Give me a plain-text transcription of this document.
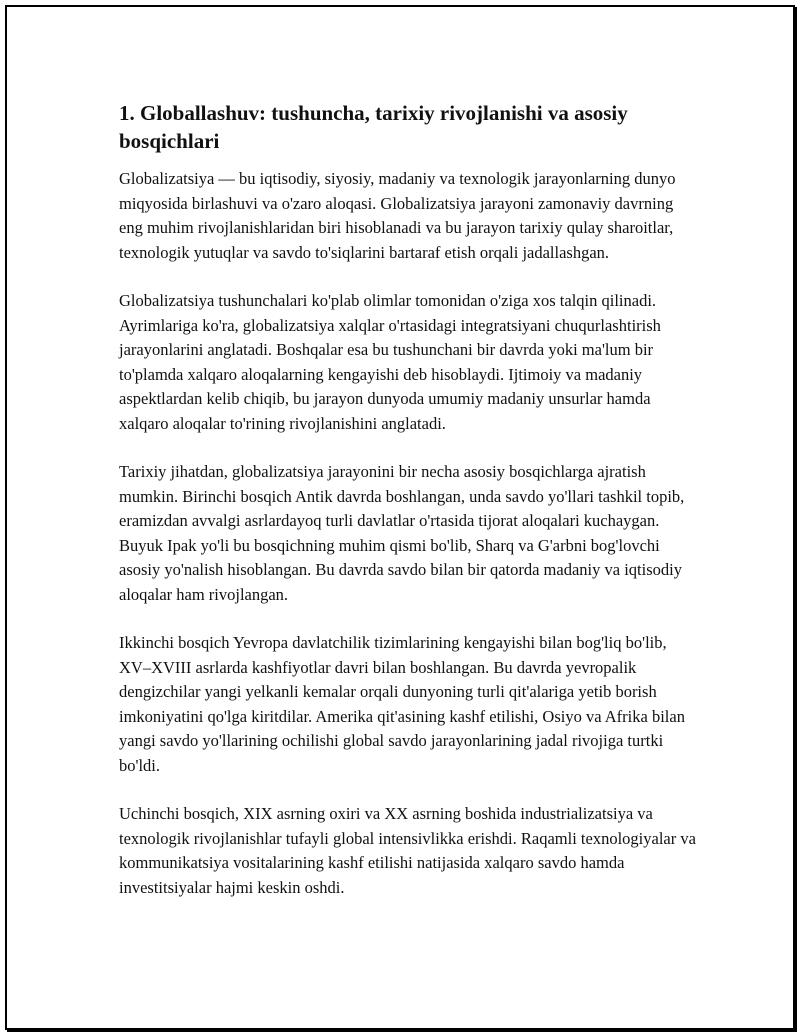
1. Globallashuv: tushuncha, tarixiy rivojlanishi va asosiy bosqichlari

Globalizatsiya — bu iqtisodiy, siyosiy, madaniy va texnologik jarayonlarning dunyo miqyosida birlashuvi va o'zaro aloqasi. Globalizatsiya jarayoni zamonaviy davrning eng muhim rivojlanishlaridan biri hisoblanadi va bu jarayon tarixiy qulay sharoitlar, texnologik yutuqlar va savdo to'siqlarini bartaraf etish orqali jadallashgan.

Globalizatsiya tushunchalari ko'plab olimlar tomonidan o'ziga xos talqin qilinadi. Ayrimlariga ko'ra, globalizatsiya xalqlar o'rtasidagi integratsiyani chuqurlashtirish jarayonlarini anglatadi. Boshqalar esa bu tushunchani bir davrda yoki ma'lum bir to'plamda xalqaro aloqalarning kengayishi deb hisoblaydi. Ijtimoiy va madaniy aspektlardan kelib chiqib, bu jarayon dunyoda umumiy madaniy unsurlar hamda xalqaro aloqalar to'rining rivojlanishini anglatadi.

Tarixiy jihatdan, globalizatsiya jarayonini bir necha asosiy bosqichlarga ajratish mumkin. Birinchi bosqich Antik davrda boshlangan, unda savdo yo'llari tashkil topib, eramizdan avvalgi asrlardayoq turli davlatlar o'rtasida tijorat aloqalari kuchaygan. Buyuk Ipak yo'li bu bosqichning muhim qismi bo'lib, Sharq va G'arbni bog'lovchi asosiy yo'nalish hisoblangan. Bu davrda savdo bilan bir qatorda madaniy va iqtisodiy aloqalar ham rivojlangan.

Ikkinchi bosqich Yevropa davlatchilik tizimlarining kengayishi bilan bog'liq bo'lib, XV–XVIII asrlarda kashfiyotlar davri bilan boshlangan. Bu davrda yevropalik dengizchilar yangi yelkanli kemalar orqali dunyoning turli qit'alariga yetib borish imkoniyatini qo'lga kiritdilar. Amerika qit'asining kashf etilishi, Osiyo va Afrika bilan yangi savdo yo'llarining ochilishi global savdo jarayonlarining jadal rivojiga turtki bo'ldi.

Uchinchi bosqich, XIX asrning oxiri va XX asrning boshida industrializatsiya va texnologik rivojlanishlar tufayli global intensivlikka erishdi. Raqamli texnologiyalar va kommunikatsiya vositalarining kashf etilishi natijasida xalqaro savdo hamda investitsiyalar hajmi keskin oshdi.
